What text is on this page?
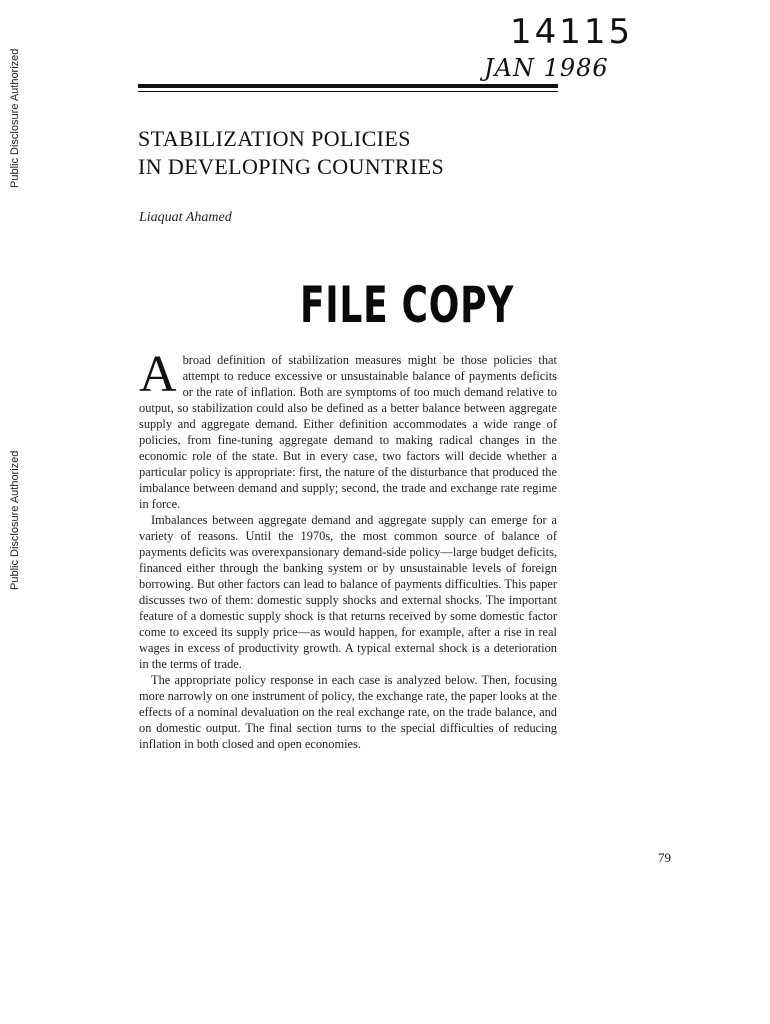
Public Disclosure Authorized
Public Disclosure Authorized
14115
JAN 1986
STABILIZATION POLICIES
IN DEVELOPING COUNTRIES
Liaquat Ahamed
FILE COPY

Abroad definition of stabilization measures might be those policies that attempt to reduce excessive or unsustainable balance of payments deficits or the rate of inflation. Both are symptoms of too much demand relative to output, so stabilization could also be defined as a better balance between aggregate supply and aggregate demand. Either definition accommodates a wide range of policies, from fine-tuning aggregate demand to making radical changes in the economic role of the state. But in every case, two factors will decide whether a particular policy is appropriate: first, the nature of the disturbance that produced the imbalance between demand and supply; second, the trade and exchange rate regime in force.

Imbalances between aggregate demand and aggregate supply can emerge for a variety of reasons. Until the 1970s, the most common source of balance of payments deficits was overexpansionary demand-side policy—large budget deficits, financed either through the banking system or by unsustainable levels of foreign borrowing. But other factors can lead to balance of payments difficulties. This paper discusses two of them: domestic supply shocks and external shocks. The important feature of a domestic supply shock is that returns received by some domestic factor come to exceed its supply price—as would happen, for example, after a rise in real wages in excess of productivity growth. A typical external shock is a deterioration in the terms of trade.

The appropriate policy response in each case is analyzed below. Then, focusing more narrowly on one instrument of policy, the exchange rate, the paper looks at the effects of a nominal devaluation on the real exchange rate, on the trade balance, and on domestic output. The final section turns to the special difficulties of reducing inflation in both closed and open economies.

79
